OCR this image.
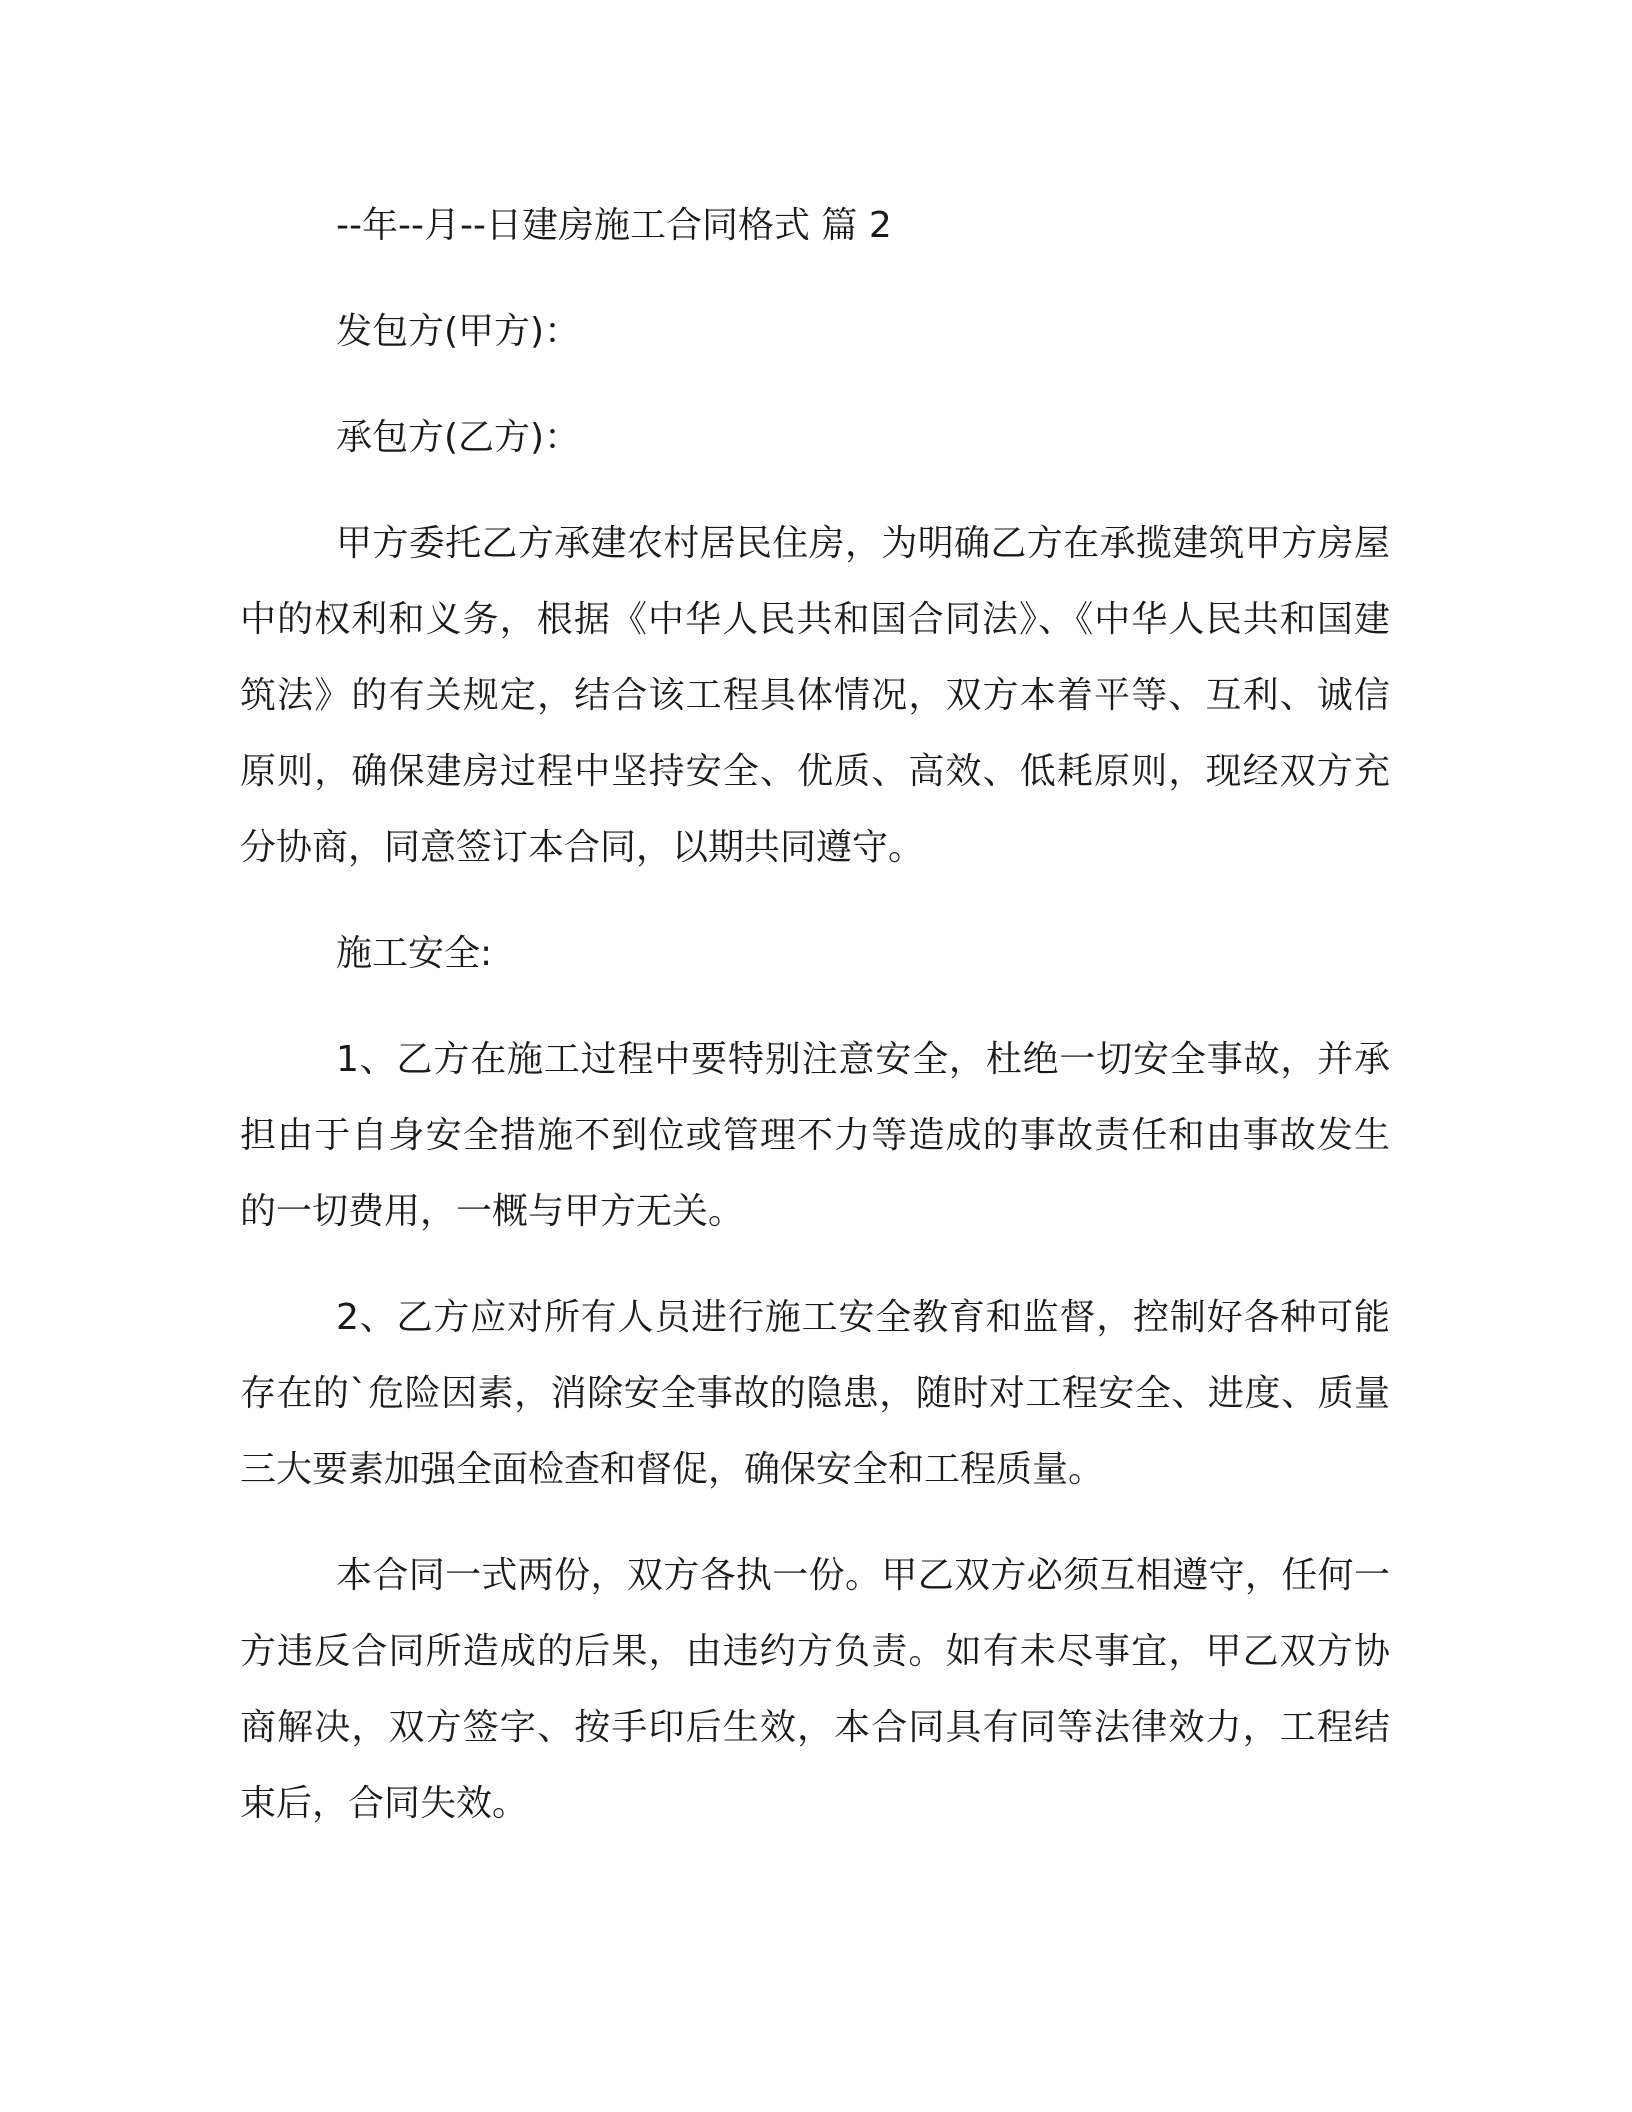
--年--月--日建房施工合同格式 篇 2

发包方(甲方)：

承包方(乙方)：

甲方委托乙方承建农村居民住房，为明确乙方在承揽建筑甲方房屋中的权利和义务，根据《中华人民共和国合同法》、《中华人民共和国建筑法》的有关规定，结合该工程具体情况，双方本着平等、互利、诚信原则，确保建房过程中坚持安全、优质、高效、低耗原则，现经双方充分协商，同意签订本合同，以期共同遵守。

施工安全:

1、乙方在施工过程中要特别注意安全，杜绝一切安全事故，并承担由于自身安全措施不到位或管理不力等造成的事故责任和由事故发生的一切费用，一概与甲方无关。

2、乙方应对所有人员进行施工安全教育和监督，控制好各种可能存在的`危险因素，消除安全事故的隐患，随时对工程安全、进度、质量三大要素加强全面检查和督促，确保安全和工程质量。

本合同一式两份，双方各执一份。甲乙双方必须互相遵守，任何一方违反合同所造成的后果，由违约方负责。如有未尽事宜，甲乙双方协商解决，双方签字、按手印后生效，本合同具有同等法律效力，工程结束后，合同失效。
